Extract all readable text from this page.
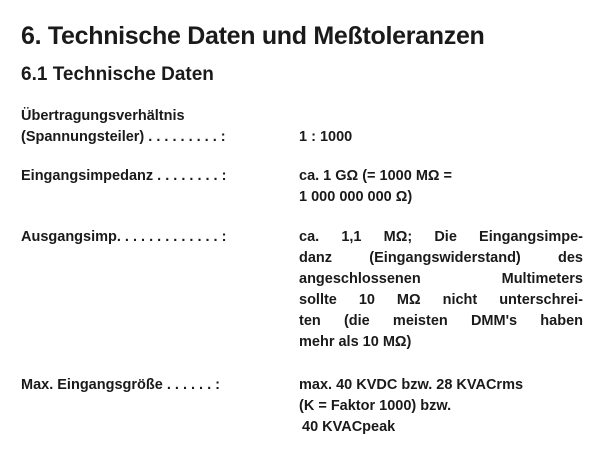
6. Technische Daten und Meßtoleranzen
6.1 Technische Daten
Übertragungsverhältnis
(Spannungsteiler) . . . . . . . . . :	1 : 1000
Eingangsimpedanz . . . . . . . . :	ca. 1 GΩ (= 1000 MΩ =
1 000 000 000 Ω)
Ausgangsimp. . . . . . . . . . . . . :	ca. 1,1 MΩ; Die Eingangsimpe-
danz (Eingangswiderstand) des
angeschlossenen Multimeters
sollte 10 MΩ nicht unterschrei-
ten (die meisten DMM's haben
mehr als 10 MΩ)
Max. Eingangsgröße . . . . . . :	max. 40 KVDC bzw. 28 KVACrms
(K = Faktor 1000) bzw.
40 KVACpeak
